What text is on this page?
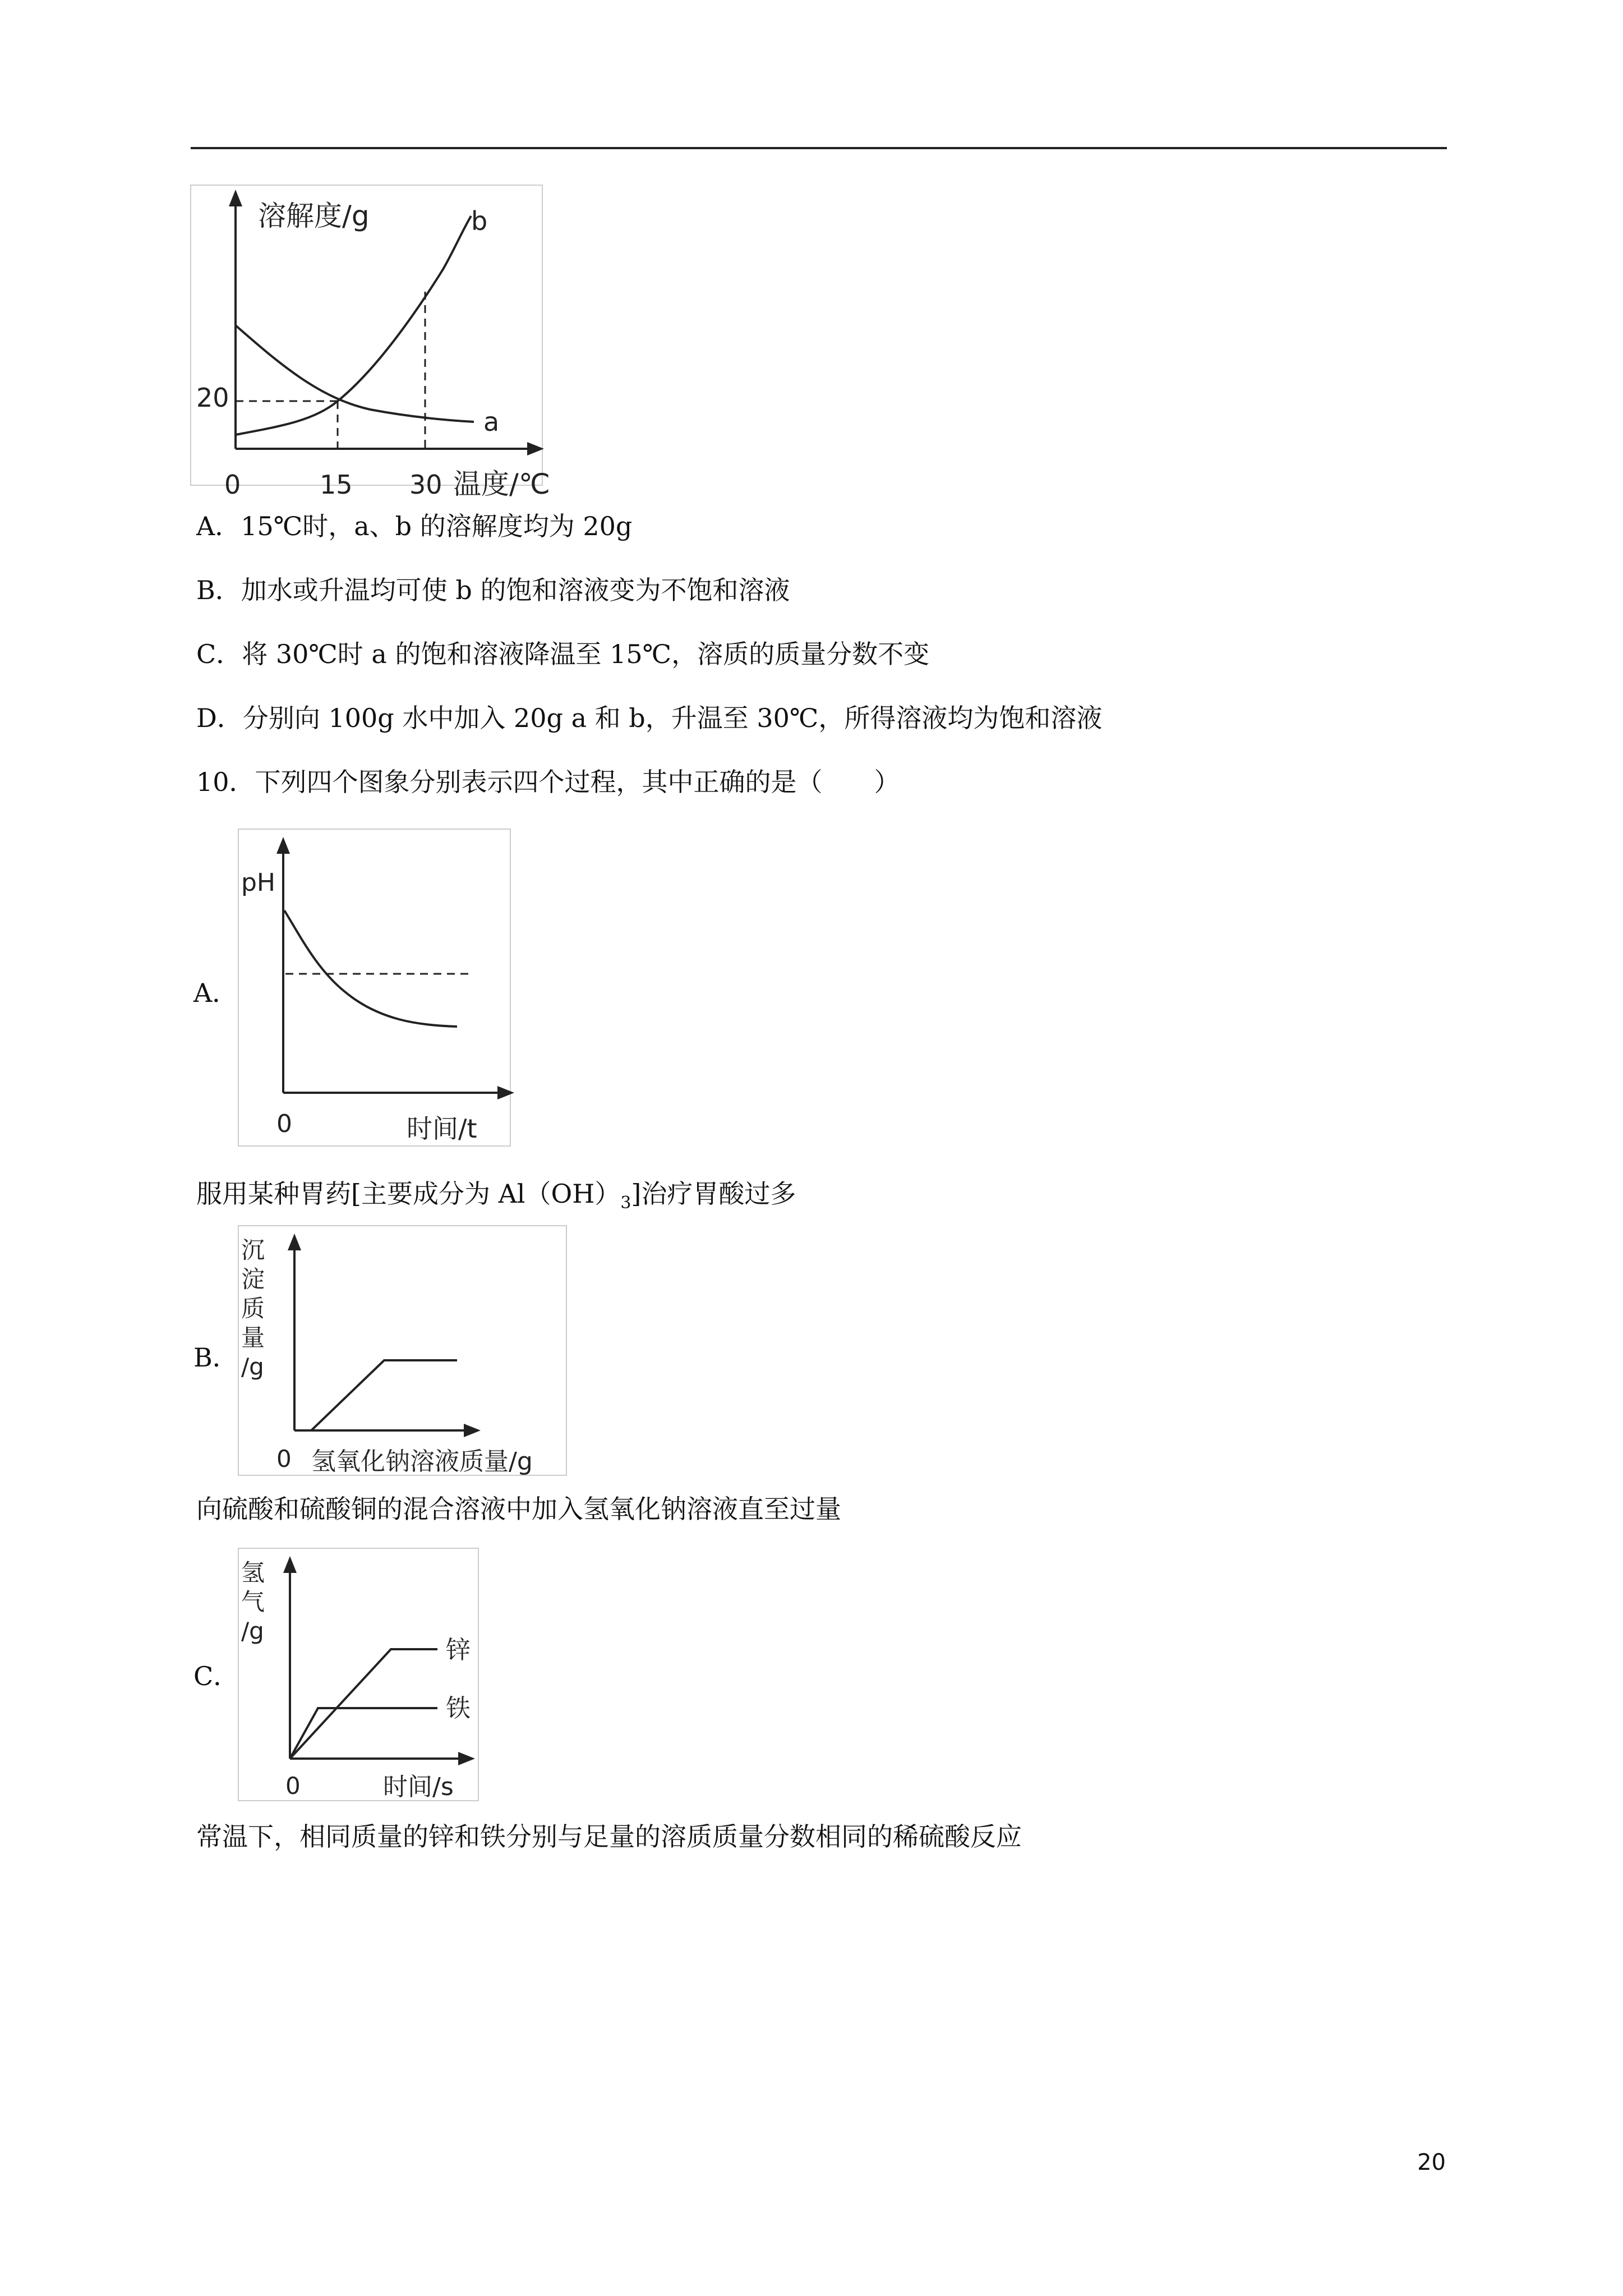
溶解度/g
温度/℃
20
0	15 30
a
b
A．15℃时，a、b 的溶解度均为 20g
B．加水或升温均可使 b 的饱和溶液变为不饱和溶液
C．将 30℃时 a 的饱和溶液降温至 15℃，溶质的质量分数不变
D．分别向 100g 水中加入 20g a 和 b，升温至 30℃，所得溶液均为饱和溶液
10．下列四个图象分别表示四个过程，其中正确的是（　　）
A．
pH
0	时间/t
服用某种胃药[主要成分为 $Al(OH)_3$]治疗胃酸过多
B．
沉
淀
质
量
/g
0 氢氧化钠溶液质量/g
向硫酸和硫酸铜的混合溶液中加入氢氧化钠溶液直至过量
C．
氢
气
/g
0	时间/s
锌
铁
常温下，相同质量的锌和铁分别与足量的溶质质量分数相同的稀硫酸反应
20
